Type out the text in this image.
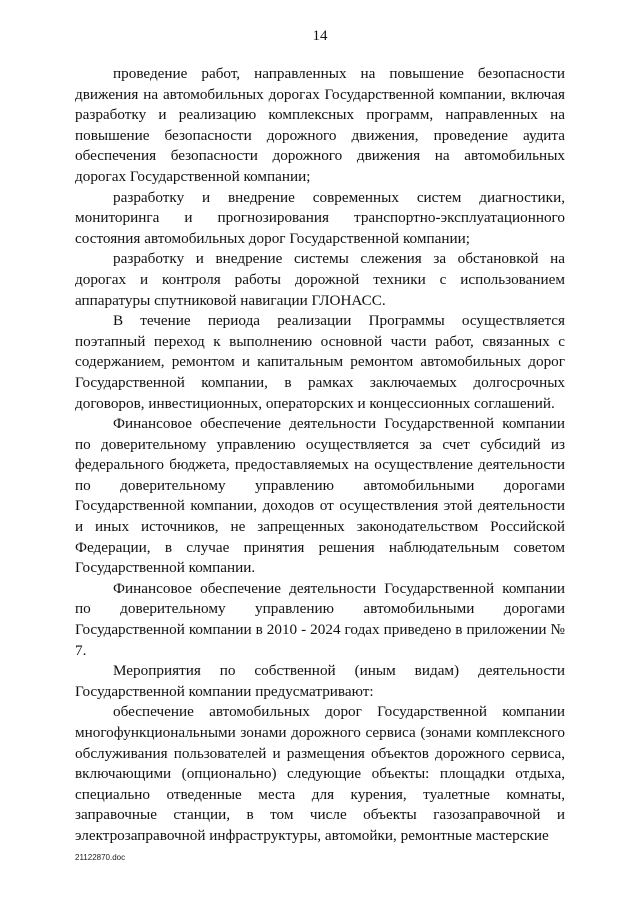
14

проведение работ, направленных на повышение безопасности движения на автомобильных дорогах Государственной компании, включая разработку и реализацию комплексных программ, направленных на повышение безопасности дорожного движения, проведение аудита обеспечения безопасности дорожного движения на автомобильных дорогах Государственной компании;

разработку и внедрение современных систем диагностики, мониторинга и прогнозирования транспортно-эксплуатационного состояния автомобильных дорог Государственной компании;

разработку и внедрение системы слежения за обстановкой на дорогах и контроля работы дорожной техники с использованием аппаратуры спутниковой навигации ГЛОНАСС.

В течение периода реализации Программы осуществляется поэтапный переход к выполнению основной части работ, связанных с содержанием, ремонтом и капитальным ремонтом автомобильных дорог Государственной компании, в рамках заключаемых долгосрочных договоров, инвестиционных, операторских и концессионных соглашений.

Финансовое обеспечение деятельности Государственной компании по доверительному управлению осуществляется за счет субсидий из федерального бюджета, предоставляемых на осуществление деятельности по доверительному управлению автомобильными дорогами Государственной компании, доходов от осуществления этой деятельности и иных источников, не запрещенных законодательством Российской Федерации, в случае принятия решения наблюдательным советом Государственной компании.

Финансовое обеспечение деятельности Государственной компании по доверительному управлению автомобильными дорогами Государственной компании в 2010 - 2024 годах приведено в приложении № 7.

Мероприятия по собственной (иным видам) деятельности Государственной компании предусматривают:

обеспечение автомобильных дорог Государственной компании многофункциональными зонами дорожного сервиса (зонами комплексного обслуживания пользователей и размещения объектов дорожного сервиса, включающими (опционально) следующие объекты: площадки отдыха, специально отведенные места для курения, туалетные комнаты, заправочные станции, в том числе объекты газозаправочной и электрозаправочной инфраструктуры, автомойки, ремонтные мастерские

21122870.doc
